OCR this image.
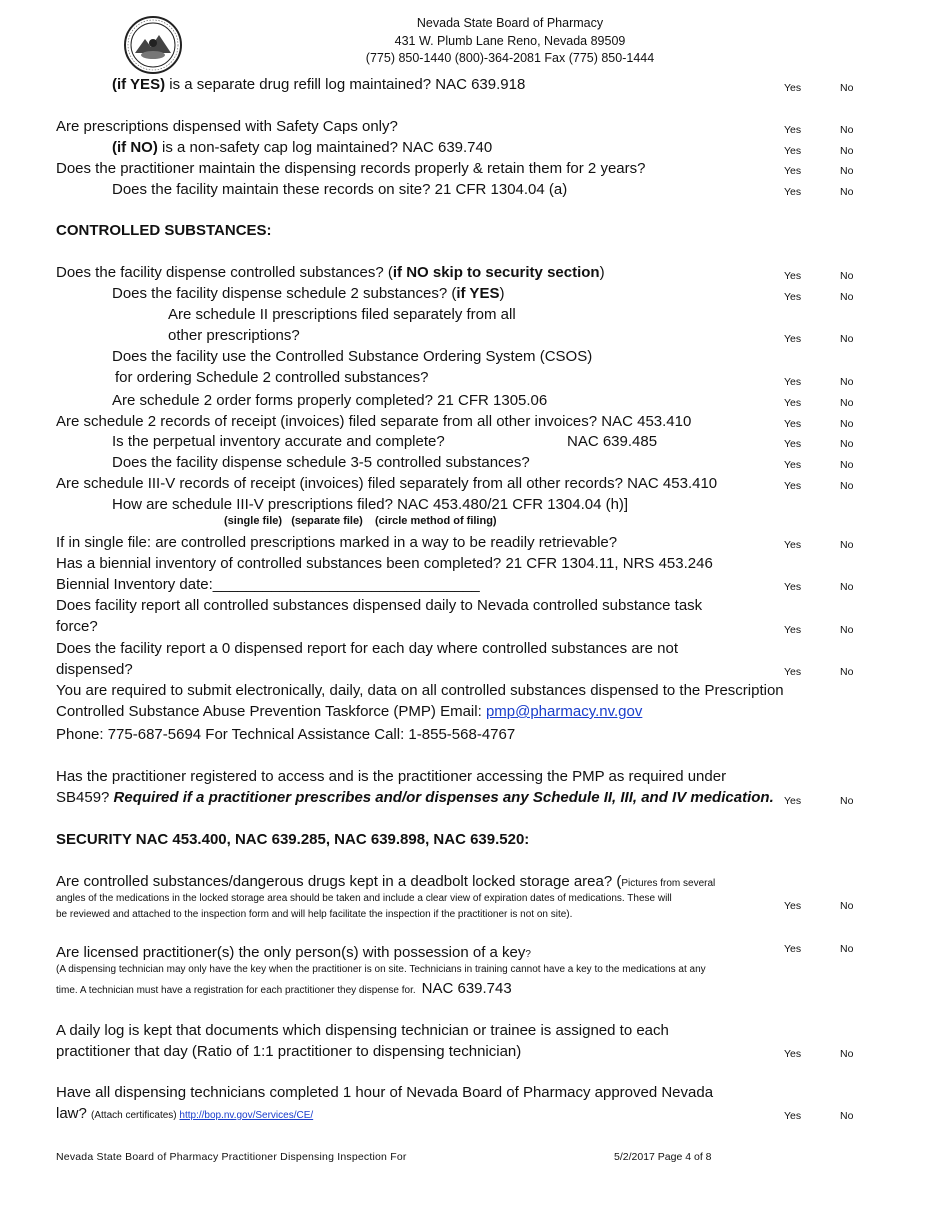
Nevada State Board of Pharmacy
431 W. Plumb Lane Reno, Nevada 89509
(775) 850-1440 (800)-364-2081 Fax (775) 850-1444
(if YES) is a separate drug refill log maintained? NAC 639.918	Yes	No
Are prescriptions dispensed with Safety Caps only?	Yes	No
(if NO) is a non-safety cap log maintained? NAC 639.740	Yes	No
Does the practitioner maintain the dispensing records properly & retain them for 2 years?	Yes	No
Does the facility maintain these records on site? 21 CFR 1304.04 (a)	Yes	No
CONTROLLED SUBSTANCES:
Does the facility dispense controlled substances? (if NO skip to security section)	Yes	No
Does the facility dispense schedule 2 substances? (if YES)	Yes	No
Are schedule II prescriptions filed separately from all
other prescriptions?	Yes	No
Does the facility use the Controlled Substance Ordering System (CSOS)
for ordering Schedule 2 controlled substances?	Yes	No
Are schedule 2 order forms properly completed? 21 CFR 1305.06	Yes	No
Are schedule 2 records of receipt (invoices) filed separate from all other invoices? NAC 453.410	Yes	No
Is the perpetual inventory accurate and complete?	NAC 639.485	Yes	No
Does the facility dispense schedule 3-5 controlled substances?	Yes	No
Are schedule III-V records of receipt (invoices) filed separately from all other records? NAC 453.410	Yes	No
How are schedule III-V prescriptions filed? NAC 453.480/21 CFR 1304.04 (h)]
(single file)   (separate file)    (circle method of filing)
If in single file: are controlled prescriptions marked in a way to be readily retrievable?	Yes	No
Has a biennial inventory of controlled substances been completed? 21 CFR 1304.11, NRS 453.246
Biennial Inventory date:________________________________	Yes	No
Does facility report all controlled substances dispensed daily to Nevada controlled substance task
force?	Yes	No
Does the facility report a 0 dispensed report for each day where controlled substances are not
dispensed?	Yes	No
You are required to submit electronically, daily, data on all controlled substances dispensed to the Prescription
Controlled Substance Abuse Prevention Taskforce (PMP) Email: pmp@pharmacy.nv.gov
Phone: 775-687-5694 For Technical Assistance Call: 1-855-568-4767
Has the practitioner registered to access and is the practitioner accessing the PMP as required under
SB459? Required if a practitioner prescribes and/or dispenses any Schedule II, III, and IV medication. Yes	No
SECURITY NAC 453.400, NAC 639.285, NAC 639.898, NAC 639.520:
Are controlled substances/dangerous drugs kept in a deadbolt locked storage area? (Pictures from several
angles of the medications in the locked storage area should be taken and include a clear view of expiration dates of medications. These will
be reviewed and attached to the inspection form and will help facilitate the inspection if the practitioner is not on site).
Yes	No
Are licensed practitioner(s) the only person(s) with possession of a key?	Yes	No
(A dispensing technician may only have the key when the practitioner is on site. Technicians in training cannot have a key to the medications at any
time. A technician must have a registration for each practitioner they dispense for. NAC 639.743
A daily log is kept that documents which dispensing technician or trainee is assigned to each
practitioner that day (Ratio of 1:1 practitioner to dispensing technician)	Yes	No
Have all dispensing technicians completed 1 hour of Nevada Board of Pharmacy approved Nevada
law? (Attach certificates) http://bop.nv.gov/Services/CE/	Yes	No
Nevada State Board of Pharmacy Practitioner Dispensing Inspection For	5/2/2017 Page 4 of 8
